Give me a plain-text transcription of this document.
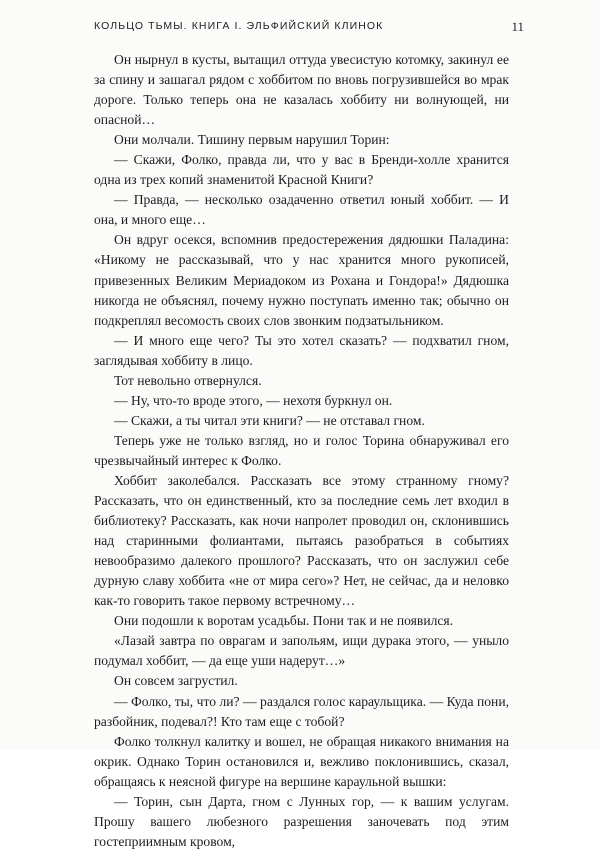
КОЛЬЦО ТЬМЫ. КНИГА I. ЭЛЬФИЙСКИЙ КЛИНОК	11

Он нырнул в кусты, вытащил оттуда увесистую котомку, закинул ее за спину и зашагал рядом с хоббитом по вновь погрузившейся во мрак дороге. Только теперь она не казалась хоббиту ни волнующей, ни опасной…

Они молчали. Тишину первым нарушил Торин:

— Скажи, Фолко, правда ли, что у вас в Бренди-холле хранится одна из трех копий знаменитой Красной Книги?

— Правда, — несколько озадаченно ответил юный хоббит. — И она, и много еще…

Он вдруг осекся, вспомнив предостережения дядюшки Паладина: «Никому не рассказывай, что у нас хранится много рукописей, привезенных Великим Мериадоком из Рохана и Гондора!» Дядюшка никогда не объяснял, почему нужно поступать именно так; обычно он подкреплял весомость своих слов звонким подзатыльником.

— И много еще чего? Ты это хотел сказать? — подхватил гном, заглядывая хоббиту в лицо.

Тот невольно отвернулся.

— Ну, что-то вроде этого, — нехотя буркнул он.

— Скажи, а ты читал эти книги? — не отставал гном.

Теперь уже не только взгляд, но и голос Торина обнаруживал его чрезвычайный интерес к Фолко.

Хоббит заколебался. Рассказать все этому странному гному? Рассказать, что он единственный, кто за последние семь лет входил в библиотеку? Рассказать, как ночи напролет проводил он, склонившись над старинными фолиантами, пытаясь разобраться в событиях невообразимо далекого прошлого? Рассказать, что он заслужил себе дурную славу хоббита «не от мира сего»? Нет, не сейчас, да и неловко как-то говорить такое первому встречному…

Они подошли к воротам усадьбы. Пони так и не появился.

«Лазай завтра по оврагам и запольям, ищи дурака этого, — уныло подумал хоббит, — да еще уши надерут…»

Он совсем загрустил.

— Фолко, ты, что ли? — раздался голос караульщика. — Куда пони, разбойник, подевал?! Кто там еще с тобой?

Фолко толкнул калитку и вошел, не обращая никакого внимания на окрик. Однако Торин остановился и, вежливо поклонившись, сказал, обращаясь к неясной фигуре на вершине караульной вышки:

— Торин, сын Дарта, гном с Лунных гор, — к вашим услугам. Прошу вашего любезного разрешения заночевать под этим гостеприимным кровом,
